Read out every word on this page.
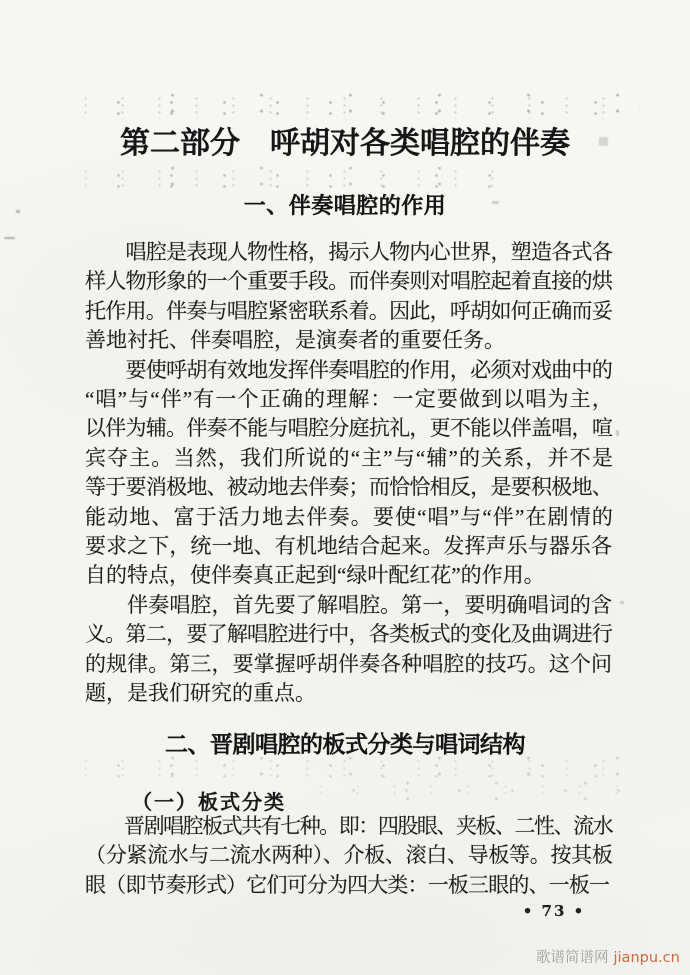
第二部分　呼胡对各类唱腔的伴奏
一、伴奏唱腔的作用
　　唱腔是表现人物性格，揭示人物内心世界，塑造各式各
样人物形象的一个重要手段。而伴奏则对唱腔起着直接的烘
托作用。伴奏与唱腔紧密联系着。因此，呼胡如何正确而妥
善地衬托、伴奏唱腔，是演奏者的重要任务。
　　要使呼胡有效地发挥伴奏唱腔的作用，必须对戏曲中的
“唱”与“伴”有一个正确的理解：一定要做到以唱为主，
以伴为辅。伴奏不能与唱腔分庭抗礼，更不能以伴盖唱，喧
宾夺主。当然，我们所说的“主”与“辅”的关系，并不是
等于要消极地、被动地去伴奏；而恰恰相反，是要积极地、
能动地、富于活力地去伴奏。要使“唱”与“伴”在剧情的
要求之下，统一地、有机地结合起来。发挥声乐与器乐各
自的特点，使伴奏真正起到“绿叶配红花”的作用。
　　伴奏唱腔，首先要了解唱腔。第一，要明确唱词的含
义。第二，要了解唱腔进行中，各类板式的变化及曲调进行
的规律。第三，要掌握呼胡伴奏各种唱腔的技巧。这个问
题，是我们研究的重点。
二、晋剧唱腔的板式分类与唱词结构
（一）板式分类
　　晋剧唱腔板式共有七种。即：四股眼、夹板、二性、流水
（分紧流水与二流水两种）、介板、滚白、导板等。按其板
眼（即节奏形式）它们可分为四大类：一板三眼的、一板一
• 73 •
歌谱简谱网 jianpu.cn
